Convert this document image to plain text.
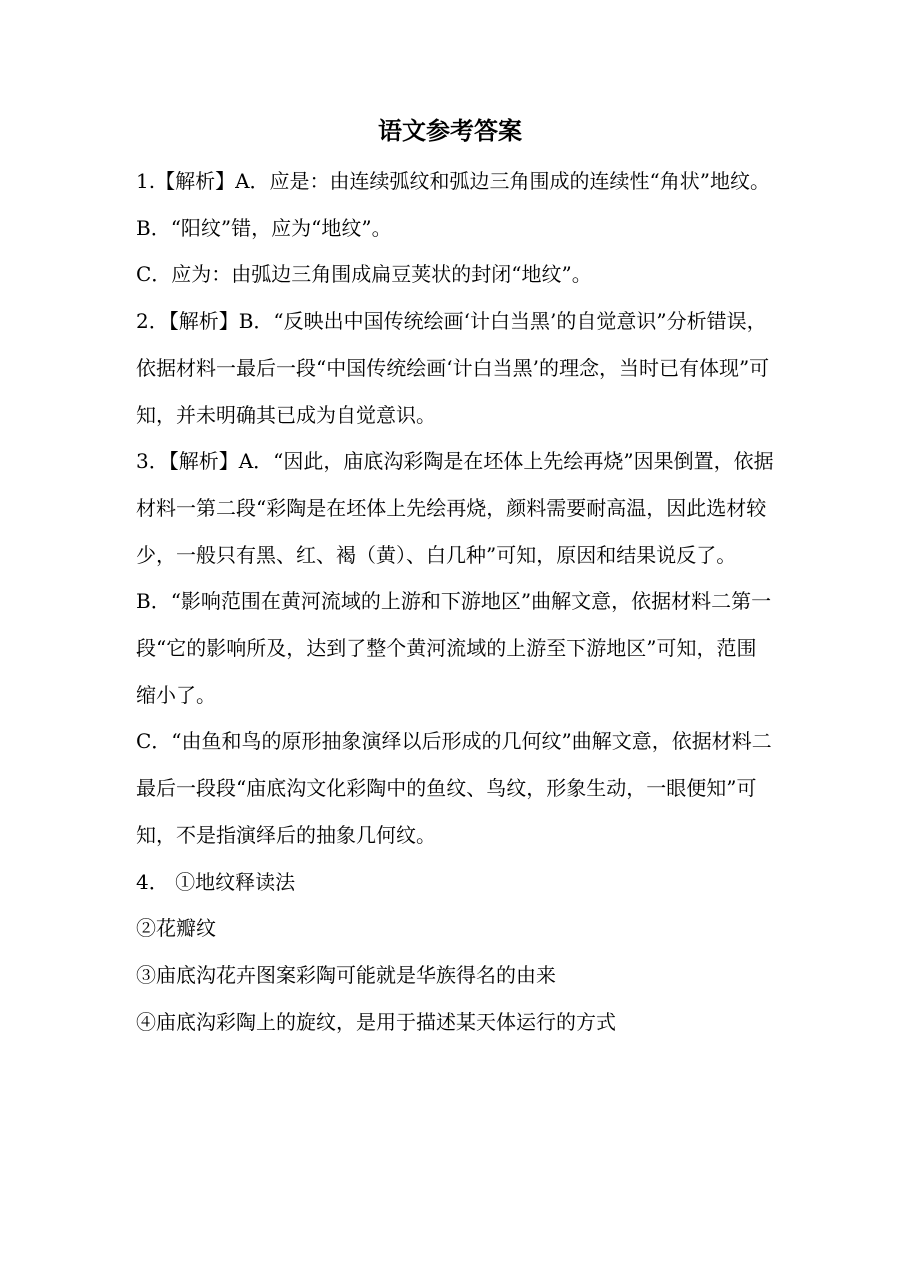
语文参考答案

1.【解析】A．应是：由连续弧纹和弧边三角围成的连续性“角状”地纹。

B．“阳纹”错，应为“地纹”。

C．应为：由弧边三角围成扁豆荚状的封闭“地纹”。

2．【解析】B．“反映出中国传统绘画‘计白当黑’的自觉意识”分析错误，依据材料一最后一段“中国传统绘画‘计白当黑’的理念，当时已有体现”可知，并未明确其已成为自觉意识。

3．【解析】A．“因此，庙底沟彩陶是在坯体上先绘再烧”因果倒置，依据材料一第二段“彩陶是在坯体上先绘再烧，颜料需要耐高温，因此选材较少，一般只有黑、红、褐（黄）、白几种”可知，原因和结果说反了。

B．“影响范围在黄河流域的上游和下游地区”曲解文意，依据材料二第一段“它的影响所及，达到了整个黄河流域的上游至下游地区”可知，范围缩小了。

C．“由鱼和鸟的原形抽象演绎以后形成的几何纹”曲解文意，依据材料二最后一段段“庙底沟文化彩陶中的鱼纹、鸟纹，形象生动，一眼便知”可知，不是指演绎后的抽象几何纹。

4． ①地纹释读法

②花瓣纹

③庙底沟花卉图案彩陶可能就是华族得名的由来

④庙底沟彩陶上的旋纹，是用于描述某天体运行的方式
